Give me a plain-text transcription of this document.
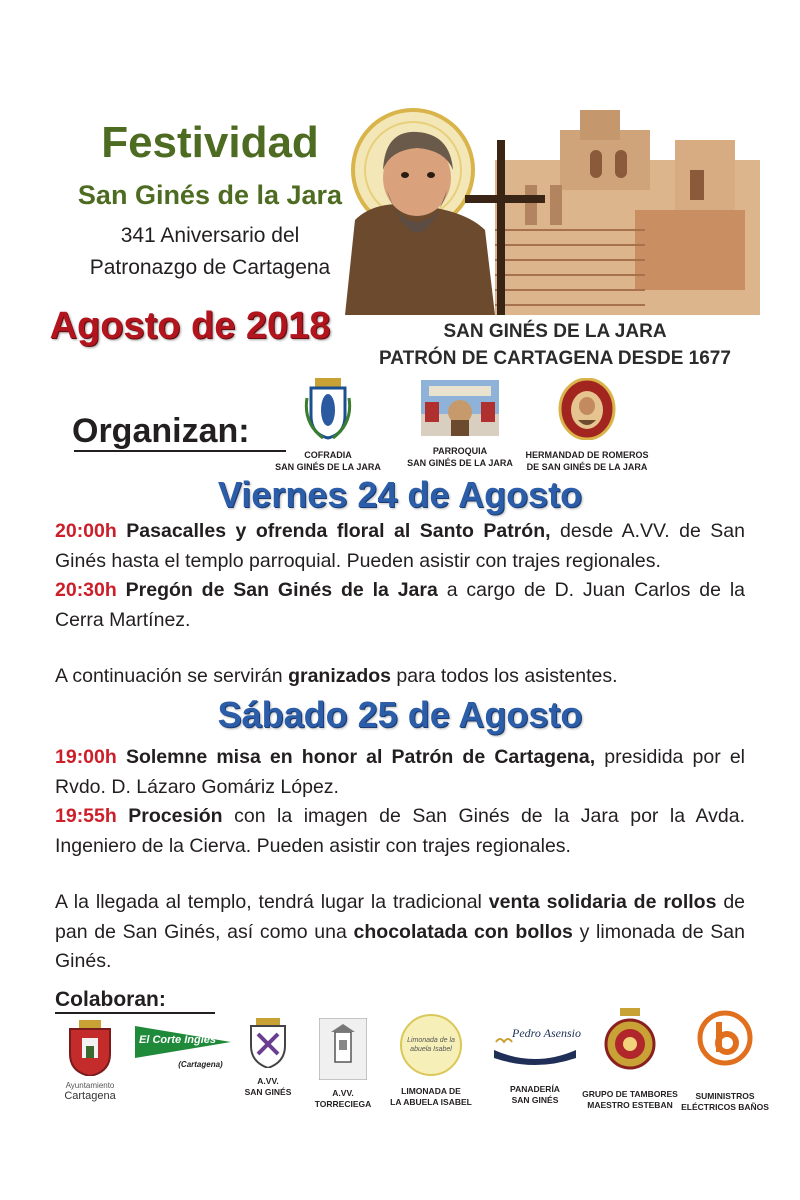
Festividad
San Ginés de la Jara
341 Aniversario del
Patronazgo de Cartagena
Agosto de 2018	SAN GINÉS DE LA JARA
PATRÓN DE CARTAGENA DESDE 1677
Organizan:
COFRADIA
SAN GINÉS DE LA JARA
PARROQUIA
SAN GINÉS DE LA JARA
HERMANDAD DE ROMEROS
DE SAN GINÉS DE LA JARA
Viernes 24 de Agosto
20:00h Pasacalles y ofrenda floral al Santo Patrón, desde A.VV. de San Ginés hasta el templo parroquial. Pueden asistir con trajes regionales.
20:30h Pregón de San Ginés de la Jara a cargo de D. Juan Carlos de la Cerra Martínez.
A continuación se servirán granizados para todos los asistentes.
Sábado 25 de Agosto
19:00h Solemne misa en honor al Patrón de Cartagena, presidida por el Rvdo. D. Lázaro Gomáriz López.
19:55h Procesión con la imagen de San Ginés de la Jara por la Avda. Ingeniero de la Cierva. Pueden asistir con trajes regionales.
A la llegada al templo, tendrá lugar la tradicional venta solidaria de rollos de pan de San Ginés, así como una chocolatada con bollos y limonada de San Ginés.
Colaboran:
Ayuntamiento
Cartagena
El Corte Inglés
(Cartagena)
A.VV.
SAN GINÉS	A.VV.
TORRECIEGA
Limonada de la abuela Isabel
LIMONADA DE
LA ABUELA ISABEL
Pedro Asensio
PANADERÍA
SAN GINÉS
GRUPO DE TAMBORES
MAESTRO ESTEBAN
SUMINISTROS
ELÉCTRICOS BAÑOS
